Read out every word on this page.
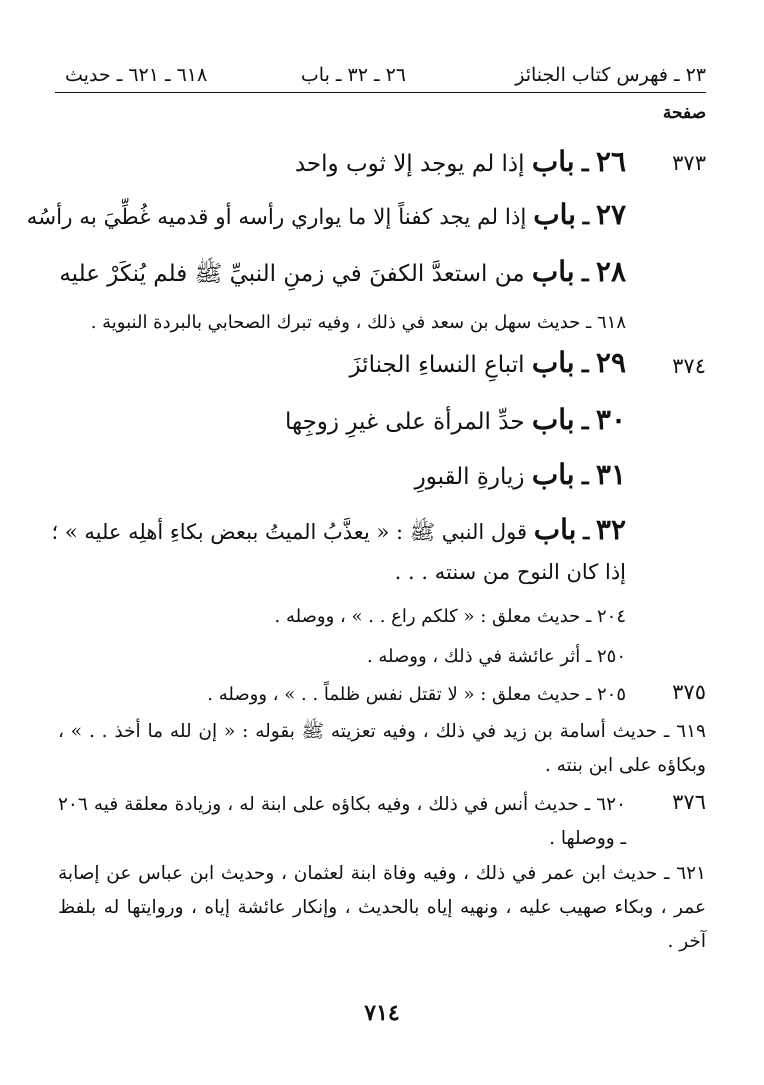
٢٣ ـ فهرس كتاب الجنائز
٢٦ ـ ٣٢ ـ باب
٦١٨ ـ ٦٢١ ـ حديث
صفحة
٣٧٣
٢٦ ـ باب إذا لم يوجد إلا ثوب واحد
٢٧ ـ باب إذا لم يجد كفناً إلا ما يواري رأسه أو قدميه غُطِّيَ به رأسُه
٢٨ ـ باب من استعدَّ الكفنَ في زمنِ النبيِّ ﷺ فلم يُنكَرْ عليه
٦١٨ ـ حديث سهل بن سعد في ذلك ، وفيه تبرك الصحابي بالبردة النبوية .
٣٧٤
٢٩ ـ باب اتباعِ النساءِ الجنائزَ
٣٠ ـ باب حدِّ المرأة على غيرِ زوجِها
٣١ ـ باب زيارةِ القبورِ
٣٢ ـ باب قول النبي ﷺ : « يعذَّبُ الميتُ ببعض بكاءِ أهلِه عليه » ؛
إذا كان النوح من سنته . . .
٢٠٤ ـ حديث معلق : « كلكم راع . . » ، ووصله .
٢٥٠ ـ أثر عائشة في ذلك ، ووصله .
٣٧٥
٢٠٥ ـ حديث معلق : « لا تقتل نفس ظلماً . . » ، ووصله .
٦١٩ ـ حديث أسامة بن زيد في ذلك ، وفيه تعزيته ﷺ بقوله : « إن لله ما أخذ . . » ، وبكاؤه على ابن بنته .
٣٧٦
٦٢٠ ـ حديث أنس في ذلك ، وفيه بكاؤه على ابنة له ، وزيادة معلقة فيه ٢٠٦ ـ ووصلها .
٦٢١ ـ حديث ابن عمر في ذلك ، وفيه وفاة ابنة لعثمان ، وحديث ابن عباس عن إصابة عمر ، وبكاء صهيب عليه ، ونهيه إياه بالحديث ، وإنكار عائشة إياه ، وروايتها له بلفظ آخر .
٧١٤
